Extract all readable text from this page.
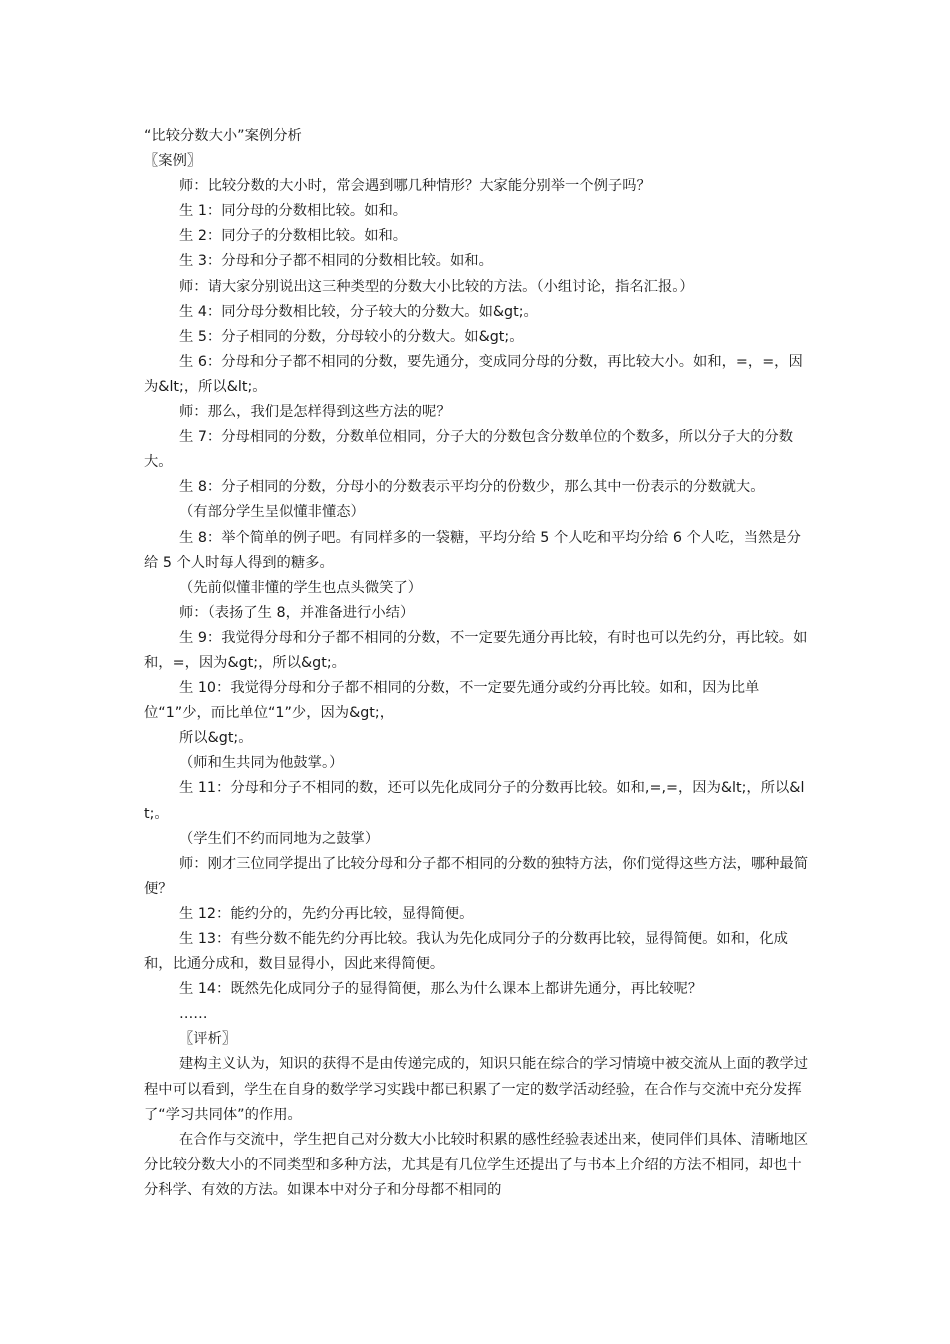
“比较分数大小”案例分析

〖案例〗

师：比较分数的大小时，常会遇到哪几种情形？大家能分别举一个例子吗？

生 1：同分母的分数相比较。如和。

生 2：同分子的分数相比较。如和。

生 3：分母和分子都不相同的分数相比较。如和。

师：请大家分别说出这三种类型的分数大小比较的方法。（小组讨论，指名汇报。）

生 4：同分母分数相比较，分子较大的分数大。如&gt;。

生 5：分子相同的分数，分母较小的分数大。如&gt;。

生 6：分母和分子都不相同的分数，要先通分，变成同分母的分数，再比较大小。如和，=，=，因为&lt;，所以&lt;。

师：那么，我们是怎样得到这些方法的呢？

生 7：分母相同的分数，分数单位相同，分子大的分数包含分数单位的个数多，所以分子大的分数大。

生 8：分子相同的分数，分母小的分数表示平均分的份数少，那么其中一份表示的分数就大。

（有部分学生呈似懂非懂态）

生 8：举个简单的例子吧。有同样多的一袋糖，平均分给 5 个人吃和平均分给 6 个人吃，当然是分给 5 个人时每人得到的糖多。

（先前似懂非懂的学生也点头微笑了）

师：（表扬了生 8，并准备进行小结）

生 9：我觉得分母和分子都不相同的分数，不一定要先通分再比较，有时也可以先约分，再比较。如和，=，因为&gt;，所以&gt;。

生 10：我觉得分母和分子都不相同的分数，不一定要先通分或约分再比较。如和，因为比单位“1”少，而比单位“1”少，因为&gt;，

所以&gt;。

（师和生共同为他鼓掌。）

生 11：分母和分子不相同的数，还可以先化成同分子的分数再比较。如和,=,=，因为&lt;，所以&lt;。

（学生们不约而同地为之鼓掌）

师：刚才三位同学提出了比较分母和分子都不相同的分数的独特方法，你们觉得这些方法，哪种最简便？

生 12：能约分的，先约分再比较，显得简便。

生 13：有些分数不能先约分再比较。我认为先化成同分子的分数再比较，显得简便。如和，化成和，比通分成和，数目显得小，因此来得简便。

生 14：既然先化成同分子的显得简便，那么为什么课本上都讲先通分，再比较呢？

……

〖评析〗

建构主义认为，知识的获得不是由传递完成的，知识只能在综合的学习情境中被交流从上面的教学过程中可以看到，学生在自身的数学学习实践中都已积累了一定的数学活动经验，在合作与交流中充分发挥了“学习共同体”的作用。

在合作与交流中，学生把自己对分数大小比较时积累的感性经验表述出来，使同伴们具体、清晰地区分比较分数大小的不同类型和多种方法，尤其是有几位学生还提出了与书本上介绍的方法不相同，却也十分科学、有效的方法。如课本中对分子和分母都不相同的
